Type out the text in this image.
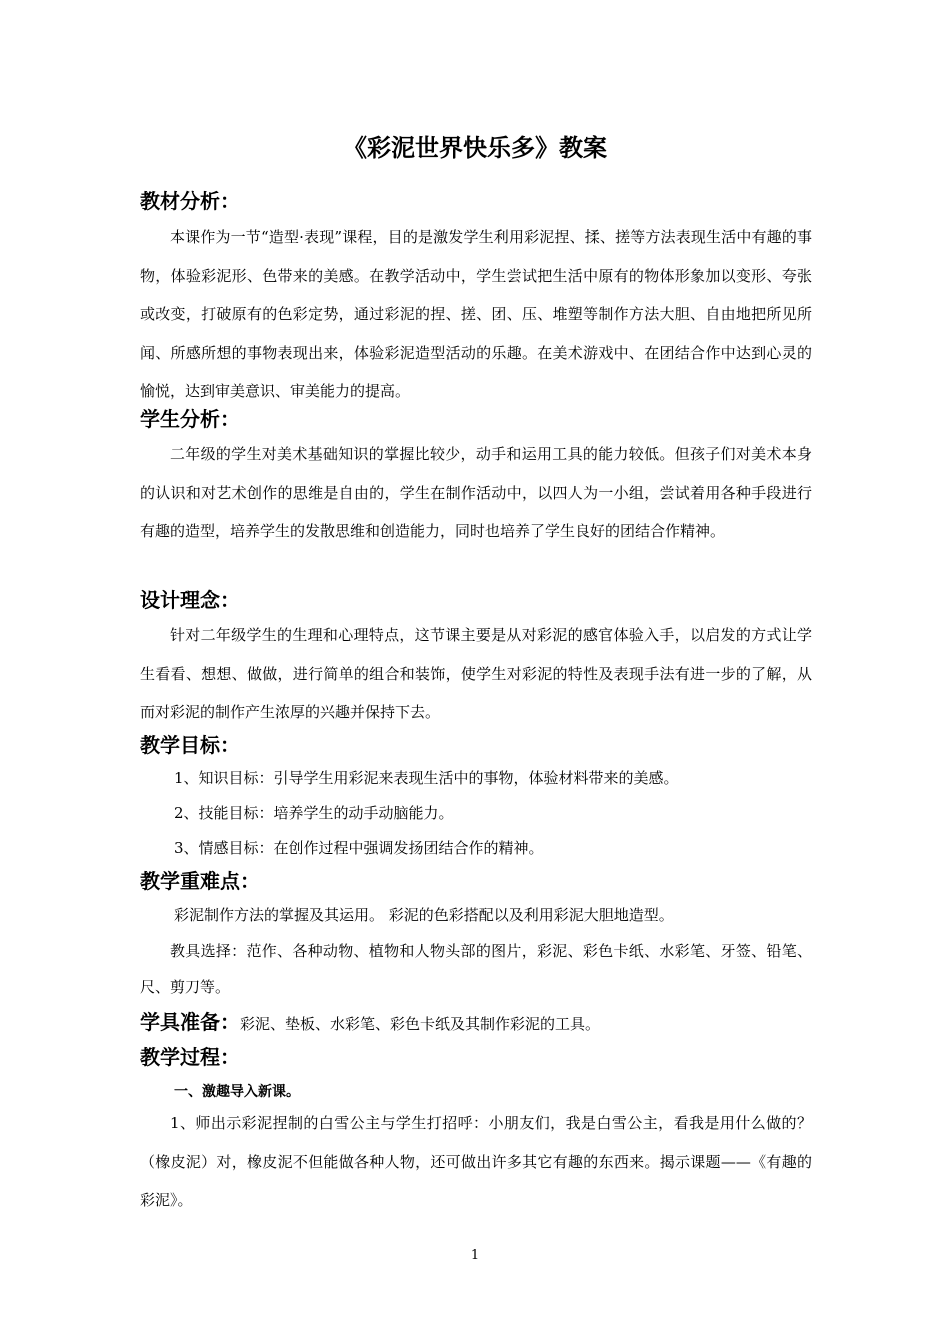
《彩泥世界快乐多》教案
教材分析：

本课作为一节“造型·表现”课程，目的是激发学生利用彩泥捏、揉、搓等方法表现生活中有趣的事物，体验彩泥形、色带来的美感。在教学活动中，学生尝试把生活中原有的物体形象加以变形、夸张或改变，打破原有的色彩定势，通过彩泥的捏、搓、团、压、堆塑等制作方法大胆、自由地把所见所闻、所感所想的事物表现出来，体验彩泥造型活动的乐趣。在美术游戏中、在团结合作中达到心灵的愉悦，达到审美意识、审美能力的提高。

学生分析：

二年级的学生对美术基础知识的掌握比较少，动手和运用工具的能力较低。但孩子们对美术本身的认识和对艺术创作的思维是自由的，学生在制作活动中，以四人为一小组，尝试着用各种手段进行有趣的造型，培养学生的发散思维和创造能力，同时也培养了学生良好的团结合作精神。

设计理念：

针对二年级学生的生理和心理特点，这节课主要是从对彩泥的感官体验入手，以启发的方式让学生看看、想想、做做，进行简单的组合和装饰，使学生对彩泥的特性及表现手法有进一步的了解，从而对彩泥的制作产生浓厚的兴趣并保持下去。

教学目标：

1、知识目标：引导学生用彩泥来表现生活中的事物，体验材料带来的美感。

2、技能目标：培养学生的动手动脑能力。

3、情感目标：在创作过程中强调发扬团结合作的精神。

教学重难点：

彩泥制作方法的掌握及其运用。 彩泥的色彩搭配以及利用彩泥大胆地造型。

教具选择：范作、各种动物、植物和人物头部的图片，彩泥、彩色卡纸、水彩笔、牙签、铅笔、尺、剪刀等。

学具准备：彩泥、垫板、水彩笔、彩色卡纸及其制作彩泥的工具。
教学过程：

一、激趣导入新课。

1、师出示彩泥捏制的白雪公主与学生打招呼：小朋友们，我是白雪公主，看我是用什么做的？（橡皮泥）对，橡皮泥不但能做各种人物，还可做出许多其它有趣的东西来。揭示课题——《有趣的彩泥》。

1
